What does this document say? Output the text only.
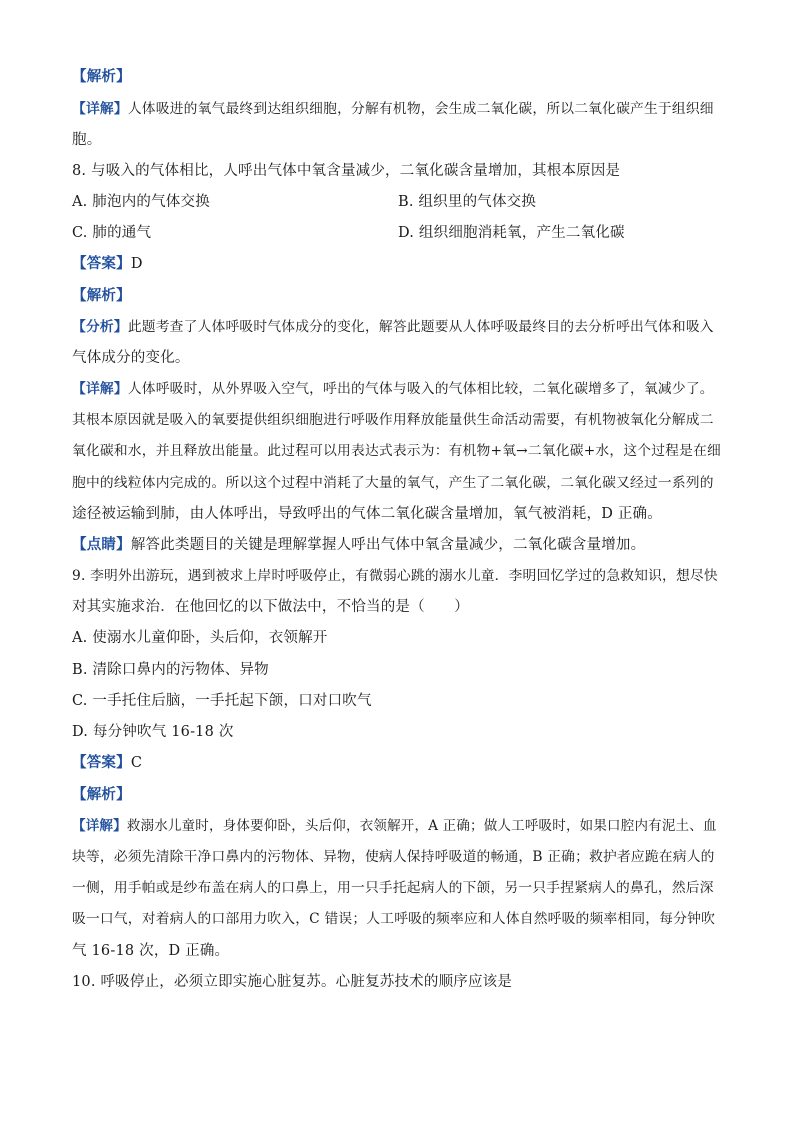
【解析】
【详解】人体吸进的氧气最终到达组织细胞，分解有机物，会生成二氧化碳，所以二氧化碳产生于组织细
胞。
8. 与吸入的气体相比，人呼出气体中氧含量减少，二氧化碳含量增加，其根本原因是
A. 肺泡内的气体交换	B. 组织里的气体交换
C. 肺的通气	D. 组织细胞消耗氧，产生二氧化碳
【答案】D
【解析】
【分析】此题考查了人体呼吸时气体成分的变化，解答此题要从人体呼吸最终目的去分析呼出气体和吸入
气体成分的变化。
【详解】人体呼吸时，从外界吸入空气，呼出的气体与吸入的气体相比较，二氧化碳增多了，氧减少了。
其根本原因就是吸入的氧要提供组织细胞进行呼吸作用释放能量供生命活动需要，有机物被氧化分解成二
氧化碳和水，并且释放出能量。此过程可以用表达式表示为：有机物+氧→二氧化碳+水，这个过程是在细
胞中的线粒体内完成的。所以这个过程中消耗了大量的氧气，产生了二氧化碳，二氧化碳又经过一系列的
途径被运输到肺，由人体呼出，导致呼出的气体二氧化碳含量增加，氧气被消耗，D 正确。
【点睛】解答此类题目的关键是理解掌握人呼出气体中氧含量减少，二氧化碳含量增加。
9. 李明外出游玩，遇到被求上岸时呼吸停止，有微弱心跳的溺水儿童．李明回忆学过的急救知识，想尽快
对其实施求治．在他回忆的以下做法中，不恰当的是（　　）
A. 使溺水儿童仰卧，头后仰，衣领解开
B. 清除口鼻内的污物体、异物
C. 一手托住后脑，一手托起下颌，口对口吹气
D. 每分钟吹气 16-18 次
【答案】C
【解析】
【详解】救溺水儿童时，身体要仰卧，头后仰，衣领解开，A 正确；做人工呼吸时，如果口腔内有泥土、血
块等，必须先清除干净口鼻内的污物体、异物，使病人保持呼吸道的畅通，B 正确；救护者应跪在病人的
一侧，用手帕或是纱布盖在病人的口鼻上，用一只手托起病人的下颌，另一只手捏紧病人的鼻孔，然后深
吸一口气，对着病人的口部用力吹入，C 错误；人工呼吸的频率应和人体自然呼吸的频率相同，每分钟吹
气 16-18 次，D 正确。
10. 呼吸停止，必须立即实施心脏复苏。心脏复苏技术的顺序应该是
